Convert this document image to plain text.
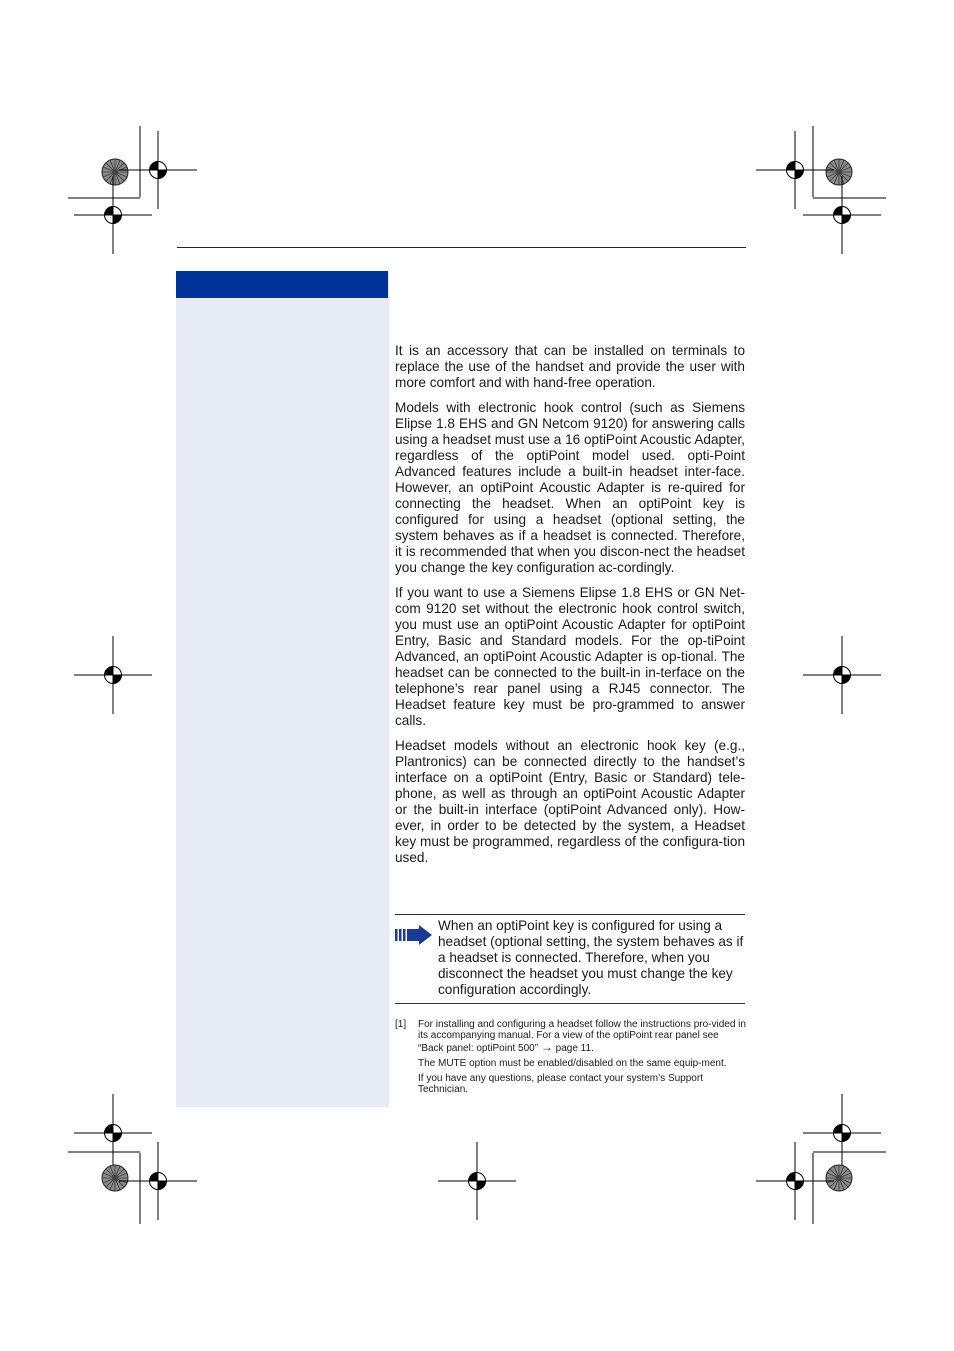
It is an accessory that can be installed on terminals to replace the use of the handset and provide the user with more comfort and with hand-free operation.

Models with electronic hook control (such as Siemens Elipse 1.8 EHS and GN Netcom 9120) for answering calls using a headset must use a 16 optiPoint Acoustic Adapter, regardless of the optiPoint model used. opti-Point Advanced features include a built-in headset inter-face. However, an optiPoint Acoustic Adapter is re-quired for connecting the headset. When an optiPoint key is configured for using a headset (optional setting, the system behaves as if a headset is connected. Therefore, it is recommended that when you discon-nect the headset you change the key configuration ac-cordingly.

If you want to use a Siemens Elipse 1.8 EHS or GN Net-com 9120 set without the electronic hook control switch, you must use an optiPoint Acoustic Adapter for optiPoint Entry, Basic and Standard models. For the op-tiPoint Advanced, an optiPoint Acoustic Adapter is op-tional. The headset can be connected to the built-in in-terface on the telephone’s rear panel using a RJ45 connector. The Headset feature key must be pro-grammed to answer calls.

Headset models without an electronic hook key (e.g., Plantronics) can be connected directly to the handset’s interface on a optiPoint (Entry, Basic or Standard) tele-phone, as well as through an optiPoint Acoustic Adapter or the built-in interface (optiPoint Advanced only). How-ever, in order to be detected by the system, a Headset key must be programmed, regardless of the configura-tion used.

When an optiPoint key is configured for using a headset (optional setting, the system behaves as if a headset is connected. Therefore, when you disconnect the headset you must change the key configuration accordingly.

[1] For installing and configuring a headset follow the instructions pro-vided in its accompanying manual. For a view of the optiPoint rear panel see “Back panel: optiPoint 500” → page 11.
The MUTE option must be enabled/disabled on the same equip-ment.
If you have any questions, please contact your system’s Support Technician.
